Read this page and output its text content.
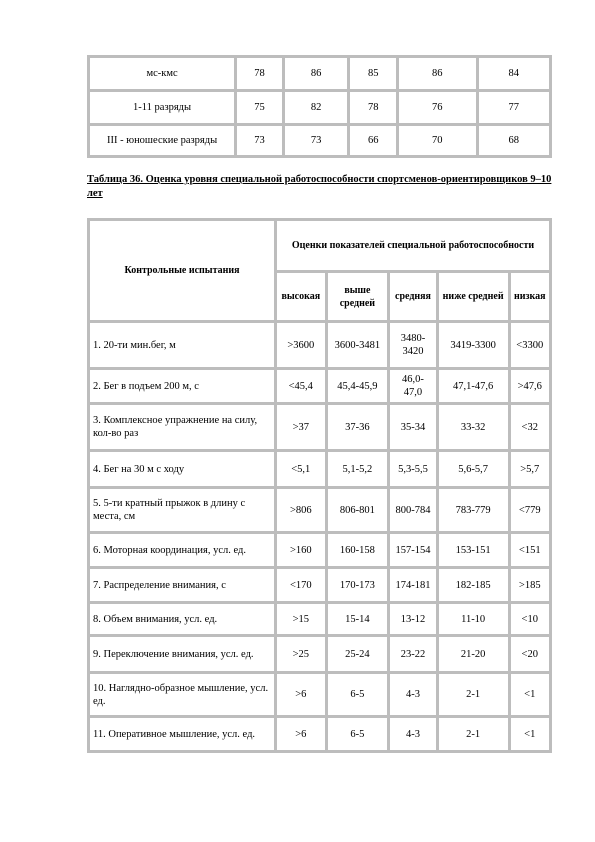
мс-кмс	78	86	85	86	84
1-11 разряды	75	82	78	76	77
III - юношеские разряды	73	73	66	70	68
Таблица 36. Оценка уровня специальной работоспособности спортсменов-ориентировщиков 9–10 лет
Контрольные испытания	Оценки показателей специальной работоспособности				
	высокая	выше средней	средняя	ниже средней	низкая
1. 20-ти мин.бег, м	>3600	3600-3481	3480-3420	3419-3300	<3300
2. Бег в подъем 200 м, с	<45,4	45,4-45,9	46,0-47,0	47,1-47,6	>47,6
3. Комплексное упражнение на силу, кол-во раз	>37	37-36	35-34	33-32	<32
4. Бег на 30 м с ходу	<5,1	5,1-5,2	5,3-5,5	5,6-5,7	>5,7
5. 5-ти кратный прыжок в длину с места, см	>806	806-801	800-784	783-779	<779
6. Моторная координация, усл. ед.	>160	160-158	157-154	153-151	<151
7. Распределение внимания, с	<170	170-173	174-181	182-185	>185
8. Объем внимания, усл. ед.	>15	15-14	13-12	11-10	<10
9. Переключение внимания, усл. ед.	>25	25-24	23-22	21-20	<20
10. Наглядно-образное мышление, усл. ед.	>6	6-5	4-3	2-1	<1
11. Оперативное мышление, усл. ед.	>6	6-5	4-3	2-1	<1
